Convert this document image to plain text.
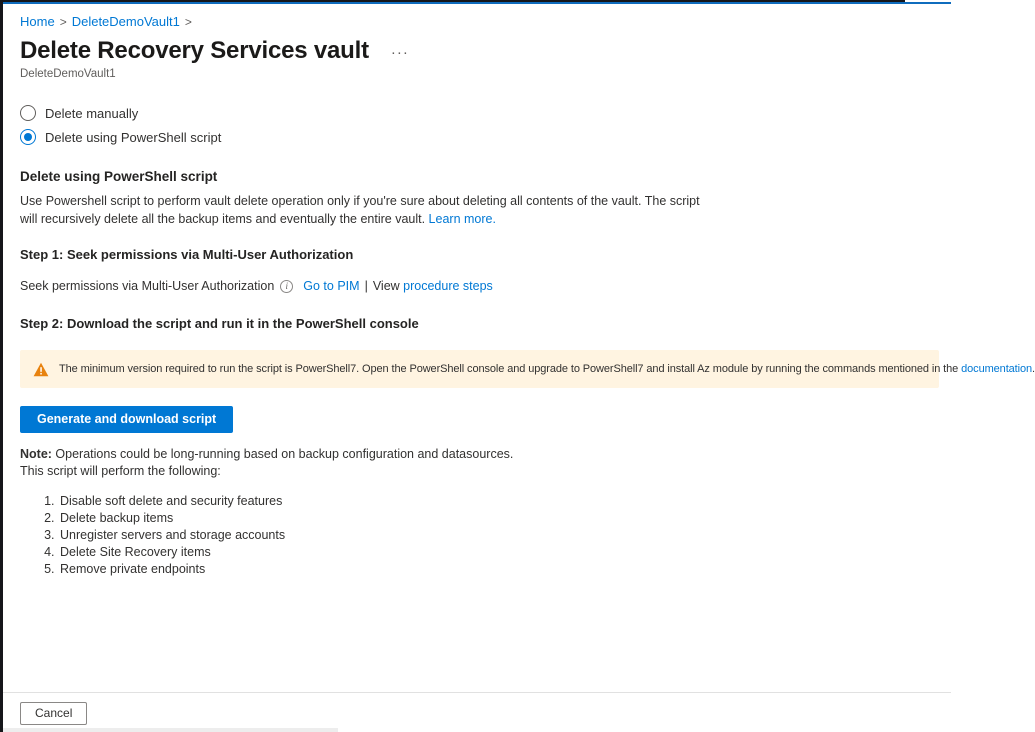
Home > DeleteDemoVault1 >
Delete Recovery Services vault ···
DeleteDemoVault1
Delete manually
Delete using PowerShell script
Delete using PowerShell script

Use Powershell script to perform vault delete operation only if you're sure about deleting all contents of the vault. The script
will recursively delete all the backup items and eventually the entire vault. Learn more.

Step 1: Seek permissions via Multi-User Authorization
Seek permissions via Multi-User Authorization	i	Go to PIM | View procedure steps
Step 2: Download the script and run it in the PowerShell console
The minimum version required to run the script is PowerShell7. Open the PowerShell console and upgrade to PowerShell7 and install Az module by running the commands mentioned in the documentation.
Generate and download script
Note: Operations could be long-running based on backup configuration and datasources.
This script will perform the following:
1. Disable soft delete and security features
2. Delete backup items
3. Unregister servers and storage accounts
4. Delete Site Recovery items
5. Remove private endpoints
Cancel
